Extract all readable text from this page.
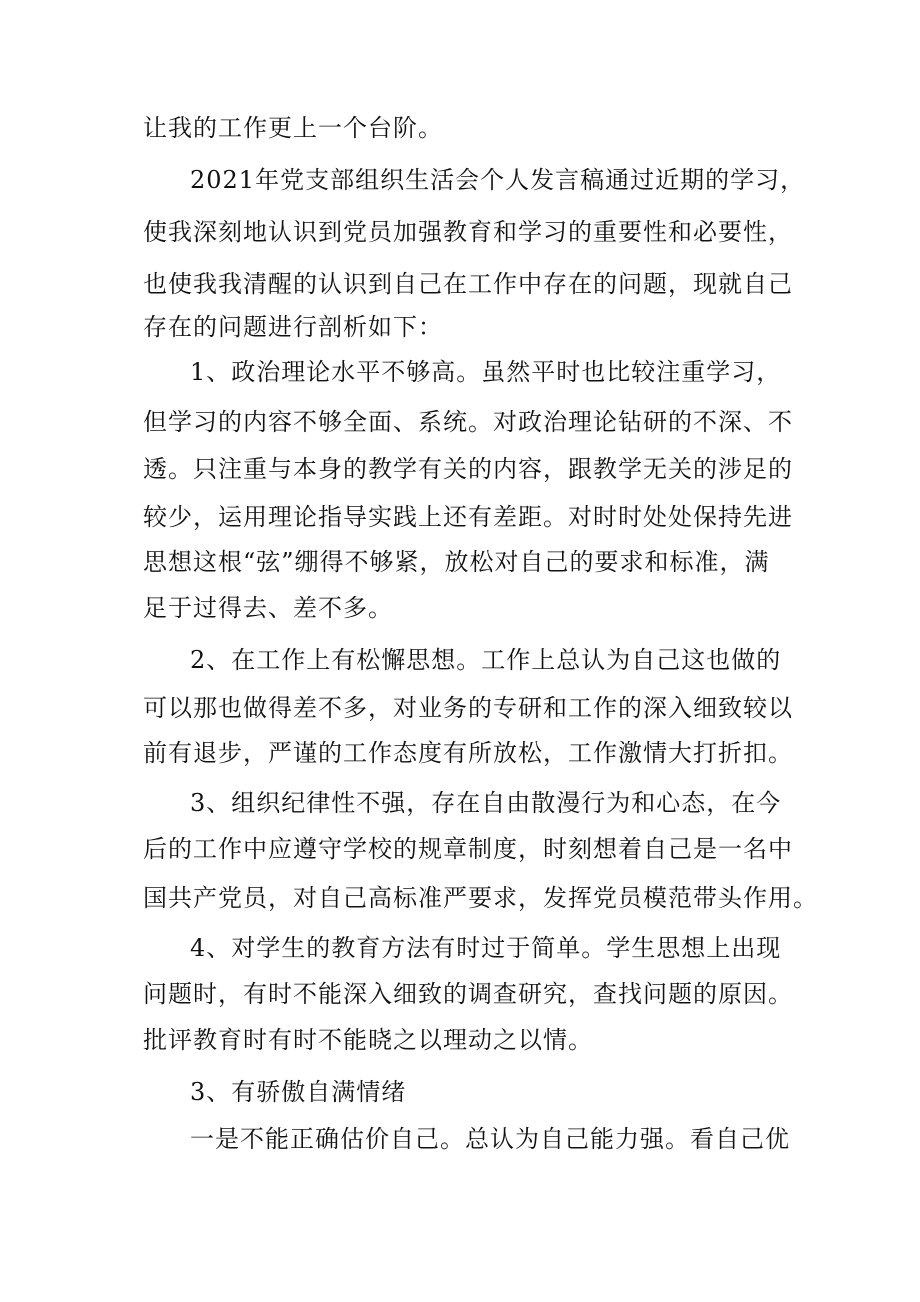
让我的工作更上一个台阶。
2021年党支部组织生活会个人发言稿通过近期的学习，
使我深刻地认识到党员加强教育和学习的重要性和必要性，
也使我我清醒的认识到自己在工作中存在的问题，现就自己
存在的问题进行剖析如下：
1、政治理论水平不够高。虽然平时也比较注重学习，
但学习的内容不够全面、系统。对政治理论钻研的不深、不
透。只注重与本身的教学有关的内容，跟教学无关的涉足的
较少，运用理论指导实践上还有差距。对时时处处保持先进
思想这根“弦”绷得不够紧，放松对自己的要求和标准，满
足于过得去、差不多。
2、在工作上有松懈思想。工作上总认为自己这也做的
可以那也做得差不多，对业务的专研和工作的深入细致较以
前有退步，严谨的工作态度有所放松，工作激情大打折扣。
3、组织纪律性不强，存在自由散漫行为和心态，在今
后的工作中应遵守学校的规章制度，时刻想着自己是一名中
国共产党员，对自己高标准严要求，发挥党员模范带头作用。
4、对学生的教育方法有时过于简单。学生思想上出现
问题时，有时不能深入细致的调查研究，查找问题的原因。
批评教育时有时不能晓之以理动之以情。
3、有骄傲自满情绪
一是不能正确估价自己。总认为自己能力强。看自己优
